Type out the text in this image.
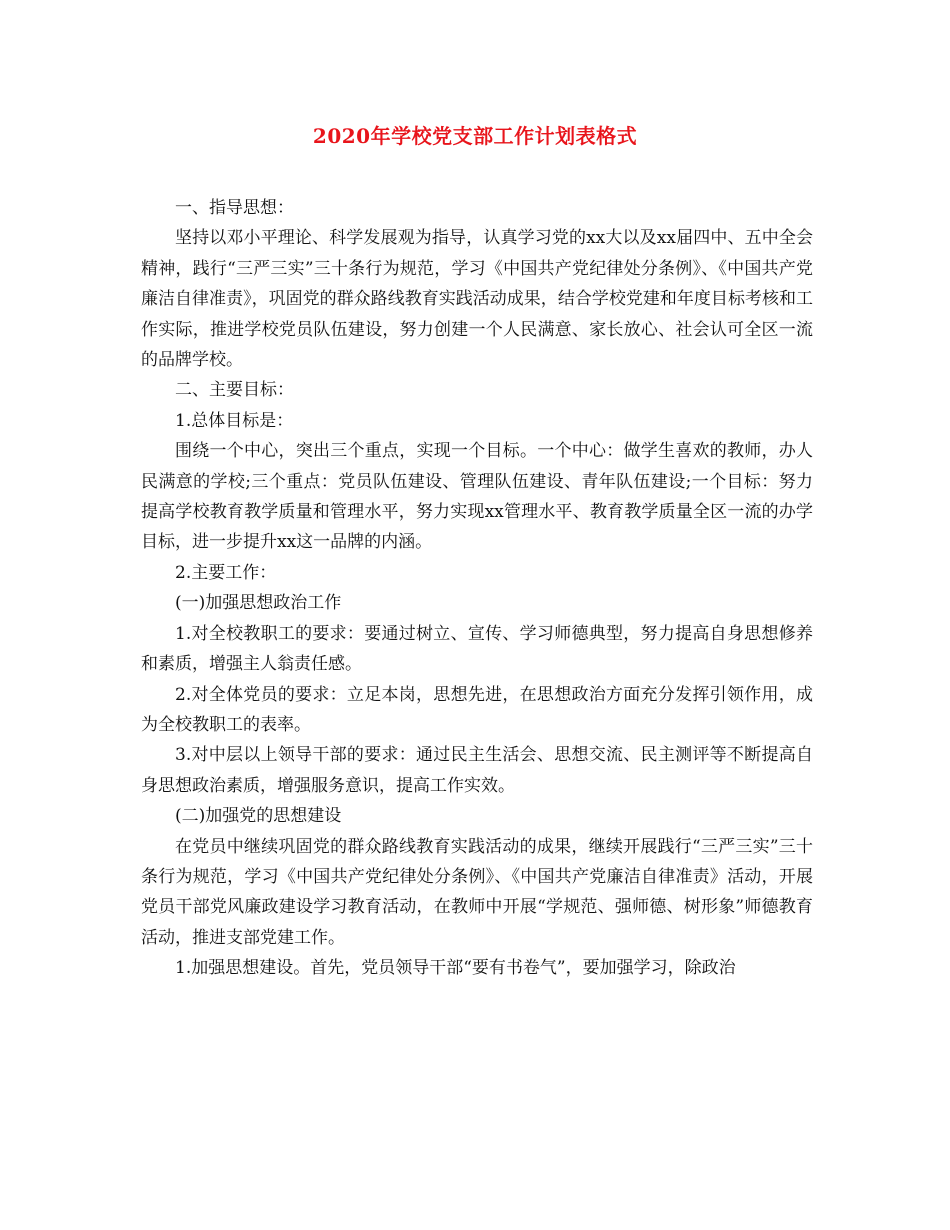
2020年学校党支部工作计划表格式

一、指导思想：

坚持以邓小平理论、科学发展观为指导，认真学习党的xx大以及xx届四中、五中全会精神，践行“三严三实”三十条行为规范，学习《中国共产党纪律处分条例》、《中国共产党廉洁自律准责》，巩固党的群众路线教育实践活动成果，结合学校党建和年度目标考核和工作实际，推进学校党员队伍建设，努力创建一个人民满意、家长放心、社会认可全区一流的品牌学校。

二、主要目标：

1.总体目标是：

围绕一个中心，突出三个重点，实现一个目标。一个中心：做学生喜欢的教师，办人民满意的学校;三个重点：党员队伍建设、管理队伍建设、青年队伍建设;一个目标：努力提高学校教育教学质量和管理水平，努力实现xx管理水平、教育教学质量全区一流的办学目标，进一步提升xx这一品牌的内涵。

2.主要工作：

(一)加强思想政治工作

1.对全校教职工的要求：要通过树立、宣传、学习师德典型，努力提高自身思想修养和素质，增强主人翁责任感。

2.对全体党员的要求：立足本岗，思想先进，在思想政治方面充分发挥引领作用，成为全校教职工的表率。

3.对中层以上领导干部的要求：通过民主生活会、思想交流、民主测评等不断提高自身思想政治素质，增强服务意识，提高工作实效。

(二)加强党的思想建设

在党员中继续巩固党的群众路线教育实践活动的成果，继续开展践行“三严三实”三十条行为规范，学习《中国共产党纪律处分条例》、《中国共产党廉洁自律准责》活动，开展党员干部党风廉政建设学习教育活动，在教师中开展“学规范、强师德、树形象”师德教育活动，推进支部党建工作。

1.加强思想建设。首先，党员领导干部“要有书卷气”，要加强学习，除政治
